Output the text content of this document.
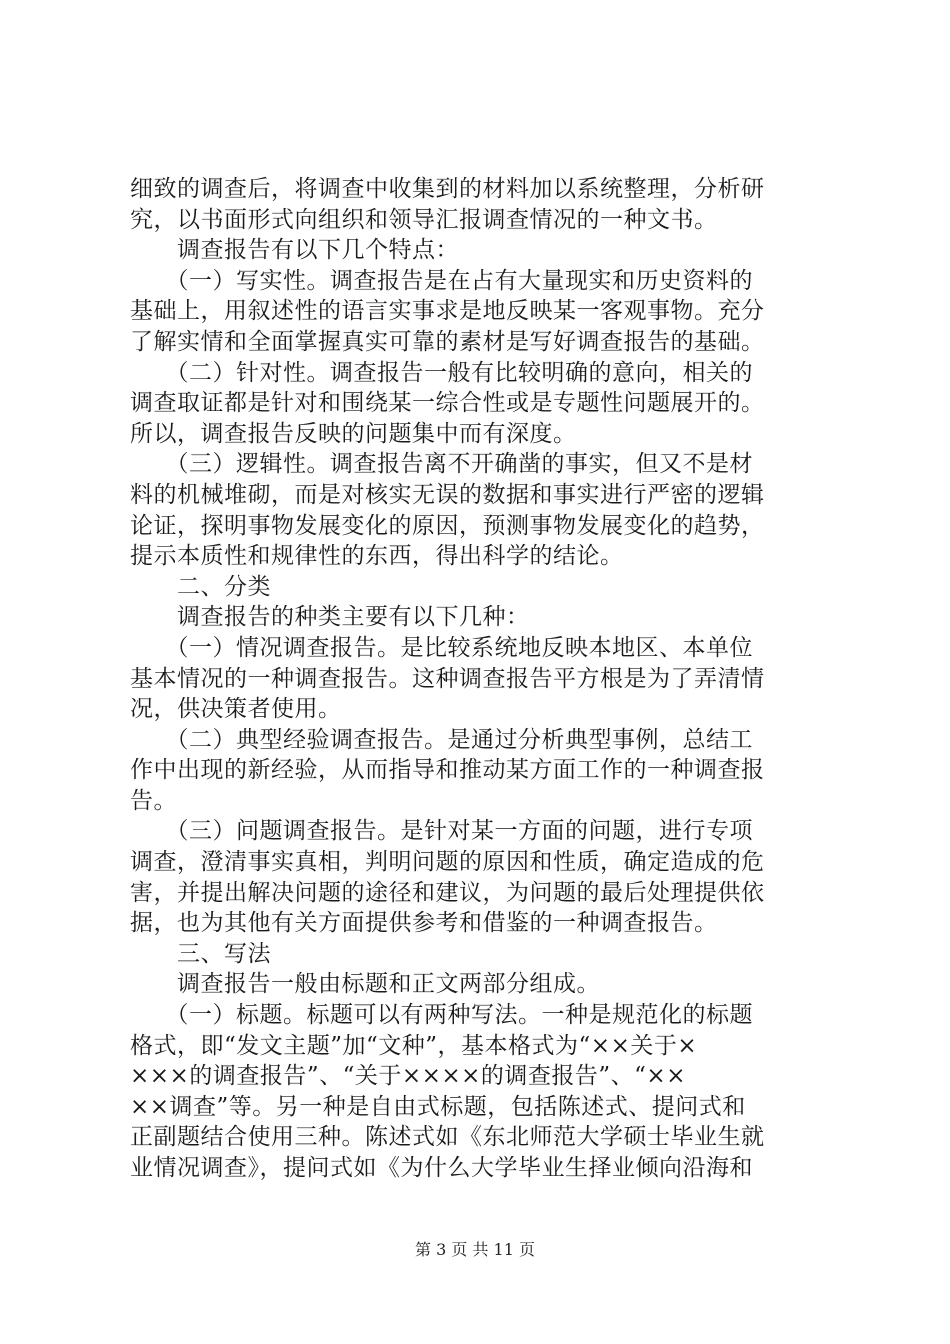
细致的调查后，将调查中收集到的材料加以系统整理，分析研
究，以书面形式向组织和领导汇报调查情况的一种文书。
　　调查报告有以下几个特点：
　　（一）写实性。调查报告是在占有大量现实和历史资料的
基础上，用叙述性的语言实事求是地反映某一客观事物。充分
了解实情和全面掌握真实可靠的素材是写好调查报告的基础。
　　（二）针对性。调查报告一般有比较明确的意向，相关的
调查取证都是针对和围绕某一综合性或是专题性问题展开的。
所以，调查报告反映的问题集中而有深度。
　　（三）逻辑性。调查报告离不开确凿的事实，但又不是材
料的机械堆砌，而是对核实无误的数据和事实进行严密的逻辑
论证，探明事物发展变化的原因，预测事物发展变化的趋势，
提示本质性和规律性的东西，得出科学的结论。
　　二、分类
　　调查报告的种类主要有以下几种：
　　（一）情况调查报告。是比较系统地反映本地区、本单位
基本情况的一种调查报告。这种调查报告平方根是为了弄清情
况，供决策者使用。
　　（二）典型经验调查报告。是通过分析典型事例，总结工
作中出现的新经验，从而指导和推动某方面工作的一种调查报
告。
　　（三）问题调查报告。是针对某一方面的问题，进行专项
调查，澄清事实真相，判明问题的原因和性质，确定造成的危
害，并提出解决问题的途径和建议，为问题的最后处理提供依
据，也为其他有关方面提供参考和借鉴的一种调查报告。
　　三、写法
　　调查报告一般由标题和正文两部分组成。
　　（一）标题。标题可以有两种写法。一种是规范化的标题
格式，即“发文主题”加“文种”，基本格式为“××关于×
×××的调查报告”、“关于××××的调查报告”、“××
××调查”等。另一种是自由式标题，包括陈述式、提问式和
正副题结合使用三种。陈述式如《东北师范大学硕士毕业生就
业情况调查》，提问式如《为什么大学毕业生择业倾向沿海和
第 3 页 共 11 页
